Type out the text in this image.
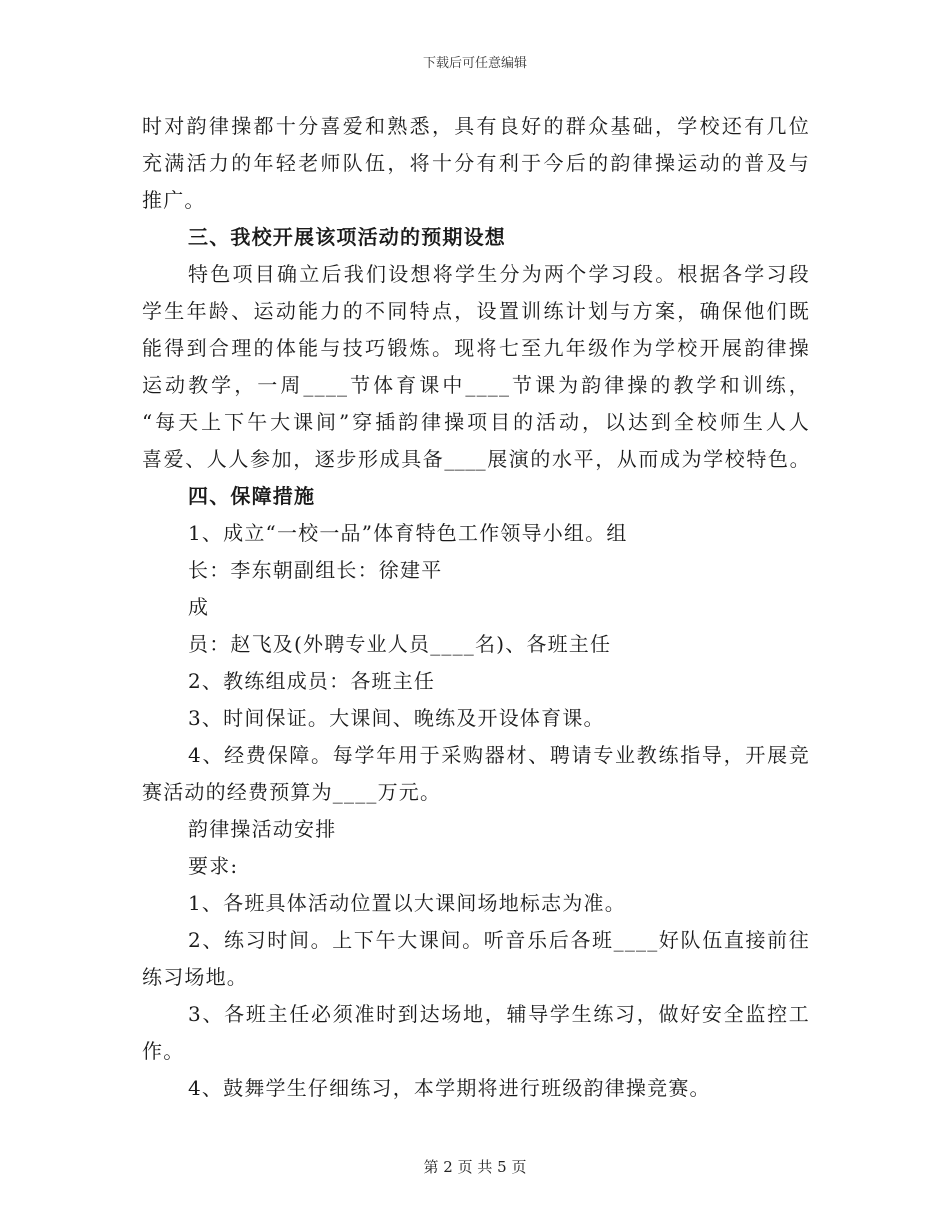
下载后可任意编辑
时对韵律操都十分喜爱和熟悉，具有良好的群众基础，学校还有几位
充满活力的年轻老师队伍，将十分有利于今后的韵律操运动的普及与
推广。
三、我校开展该项活动的预期设想
特色项目确立后我们设想将学生分为两个学习段。根据各学习段
学生年龄、运动能力的不同特点，设置训练计划与方案，确保他们既
能得到合理的体能与技巧锻炼。现将七至九年级作为学校开展韵律操
运动教学，一周____节体育课中____节课为韵律操的教学和训练，
“每天上下午大课间”穿插韵律操项目的活动，以达到全校师生人人
喜爱、人人参加，逐步形成具备____展演的水平，从而成为学校特色。
四、保障措施
1、成立“一校一品”体育特色工作领导小组。组
长：李东朝副组长：徐建平
成
员：赵飞及(外聘专业人员____名)、各班主任
2、教练组成员：各班主任
3、时间保证。大课间、晚练及开设体育课。
4、经费保障。每学年用于采购器材、聘请专业教练指导，开展竞
赛活动的经费预算为____万元。
韵律操活动安排
要求:
1、各班具体活动位置以大课间场地标志为准。
2、练习时间。上下午大课间。听音乐后各班____好队伍直接前往
练习场地。
3、各班主任必须准时到达场地，辅导学生练习，做好安全监控工
作。
4、鼓舞学生仔细练习，本学期将进行班级韵律操竞赛。
第 2 页 共 5 页
